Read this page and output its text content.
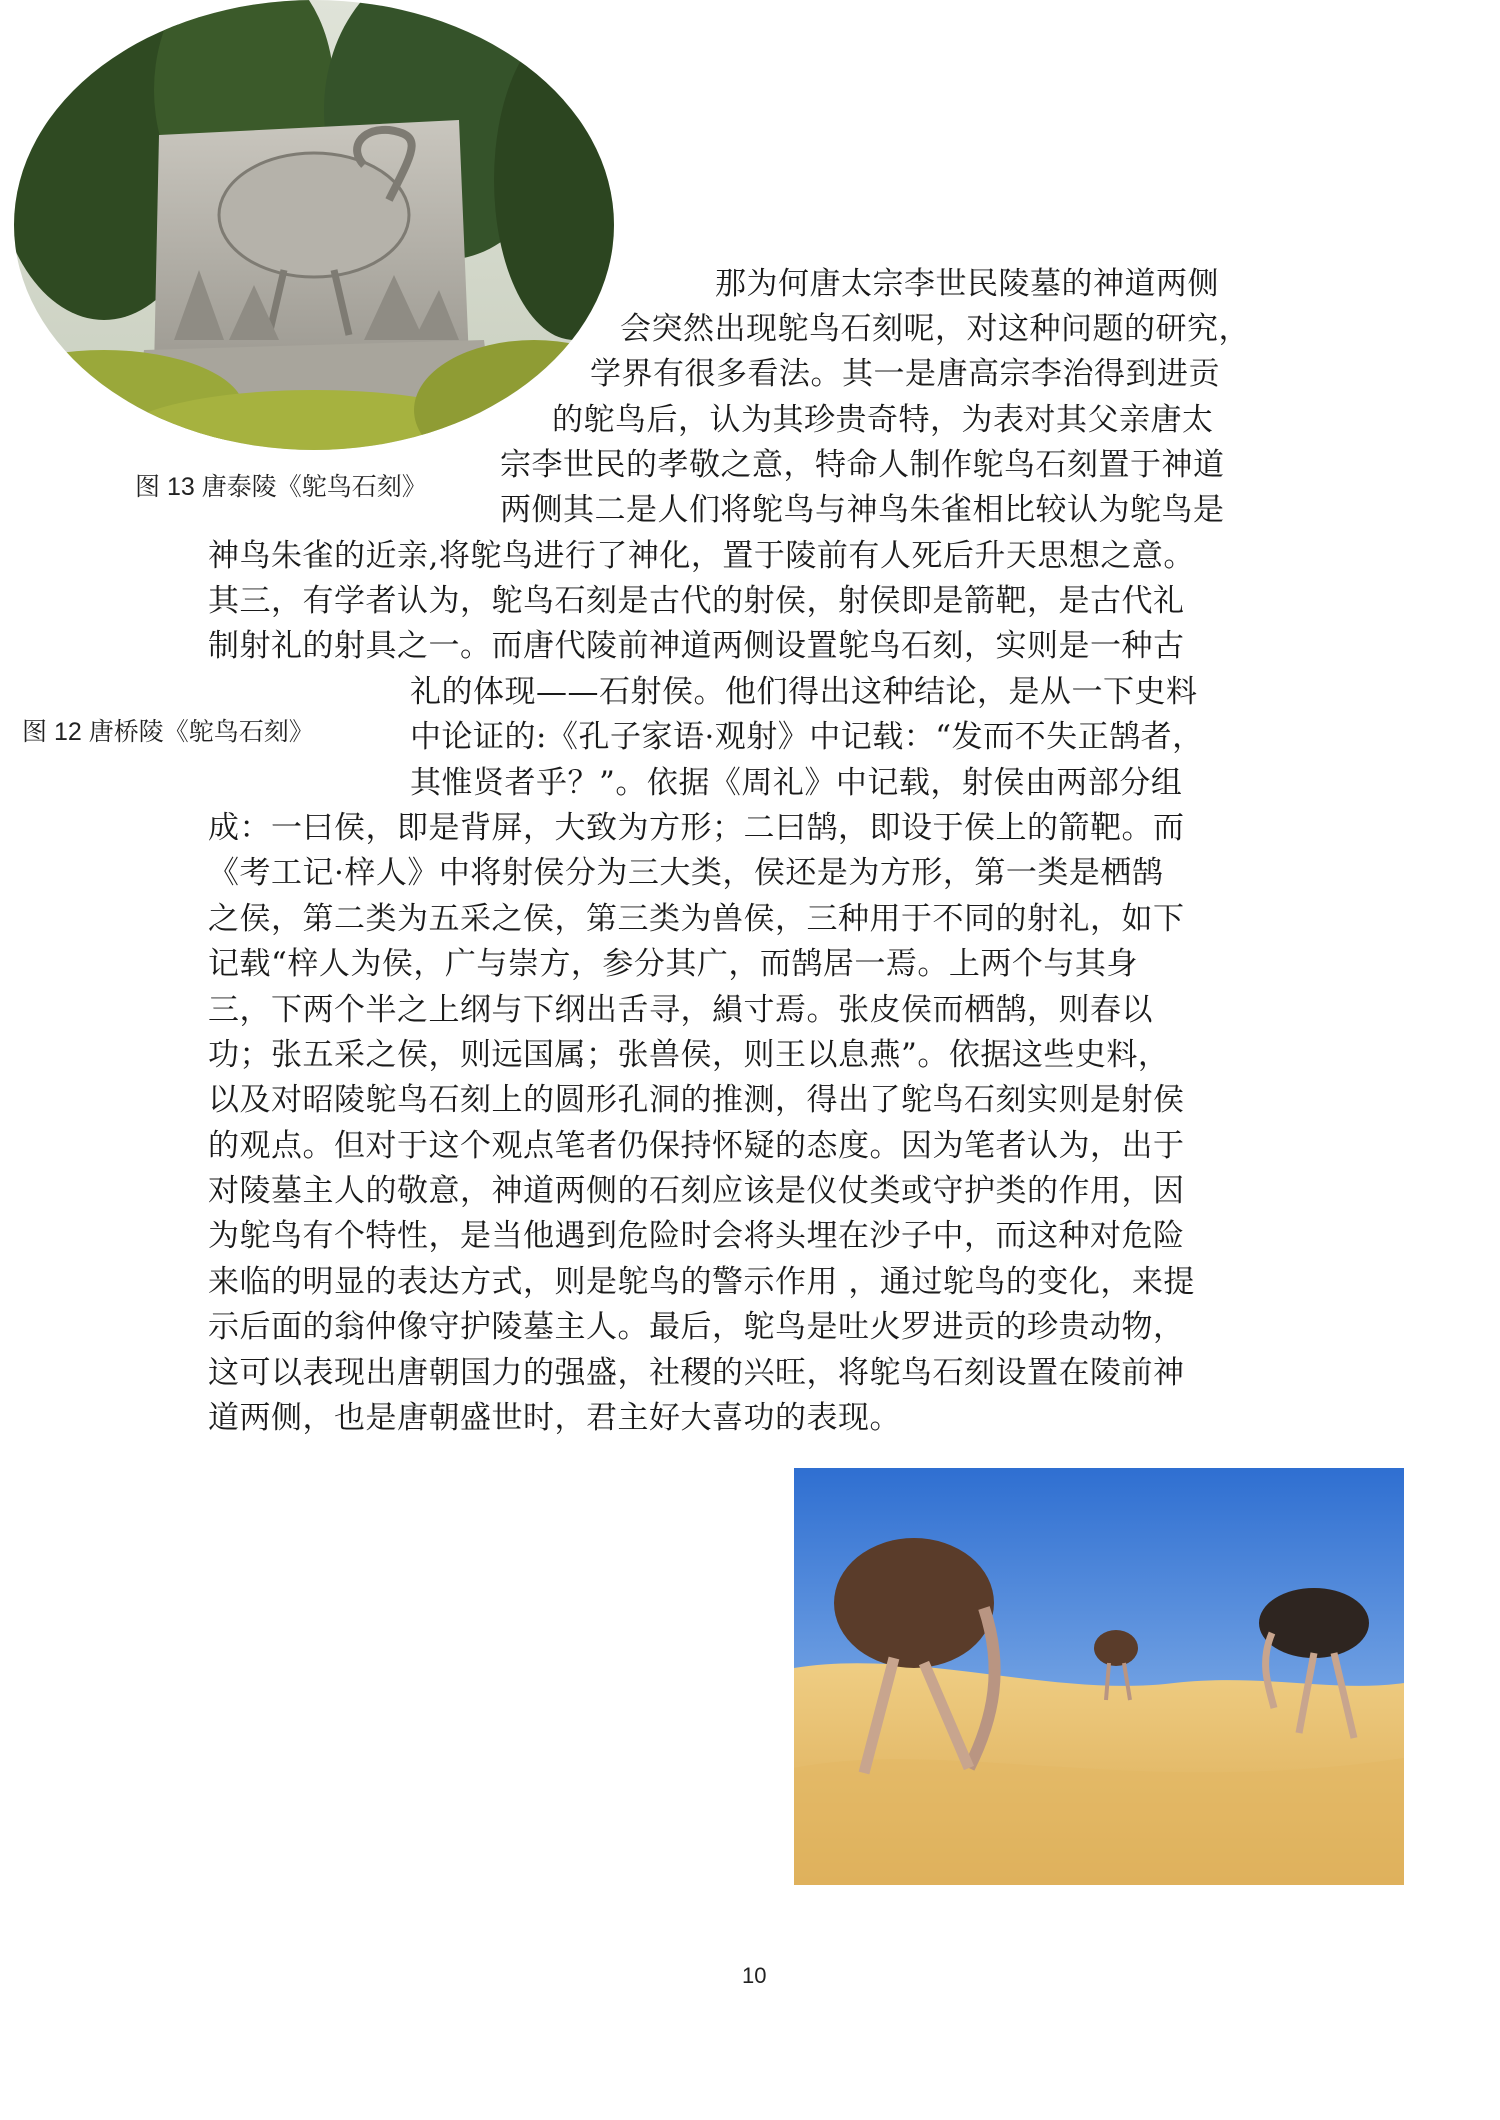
图 13 唐泰陵《鸵鸟石刻》
图 12 唐桥陵《鸵鸟石刻》
那为何唐太宗李世民陵墓的神道两侧
会突然出现鸵鸟石刻呢，对这种问题的研究，
学界有很多看法。其一是唐高宗李治得到进贡
的鸵鸟后，认为其珍贵奇特，为表对其父亲唐太
宗李世民的孝敬之意，特命人制作鸵鸟石刻置于神道
两侧其二是人们将鸵鸟与神鸟朱雀相比较认为鸵鸟是
神鸟朱雀的近亲,将鸵鸟进行了神化，置于陵前有人死后升天思想之意。
其三，有学者认为，鸵鸟石刻是古代的射侯，射侯即是箭靶，是古代礼
制射礼的射具之一。而唐代陵前神道两侧设置鸵鸟石刻，实则是一种古
礼的体现——石射侯。他们得出这种结论，是从一下史料
中论证的:《孔子家语·观射》中记载：“发而不失正鹄者，
其惟贤者乎？”。依据《周礼》中记载，射侯由两部分组
成：一曰侯，即是背屏，大致为方形；二曰鹄，即设于侯上的箭靶。而
《考工记·梓人》中将射侯分为三大类，侯还是为方形，第一类是栖鹄
之侯，第二类为五采之侯，第三类为兽侯，三种用于不同的射礼，如下
记载“梓人为侯，广与崇方，参分其广，而鹄居一焉。上两个与其身
三，下两个半之上纲与下纲出舌寻，縜寸焉。张皮侯而栖鹄，则春以
功；张五采之侯，则远国属；张兽侯，则王以息燕”。依据这些史料，
以及对昭陵鸵鸟石刻上的圆形孔洞的推测，得出了鸵鸟石刻实则是射侯
的观点。但对于这个观点笔者仍保持怀疑的态度。因为笔者认为，出于
对陵墓主人的敬意，神道两侧的石刻应该是仪仗类或守护类的作用，因
为鸵鸟有个特性，是当他遇到危险时会将头埋在沙子中，而这种对危险
来临的明显的表达方式，则是鸵鸟的警示作用 ，通过鸵鸟的变化，来提
示后面的翁仲像守护陵墓主人。最后，鸵鸟是吐火罗进贡的珍贵动物，
这可以表现出唐朝国力的强盛，社稷的兴旺，将鸵鸟石刻设置在陵前神
道两侧，也是唐朝盛世时，君主好大喜功的表现。
10
